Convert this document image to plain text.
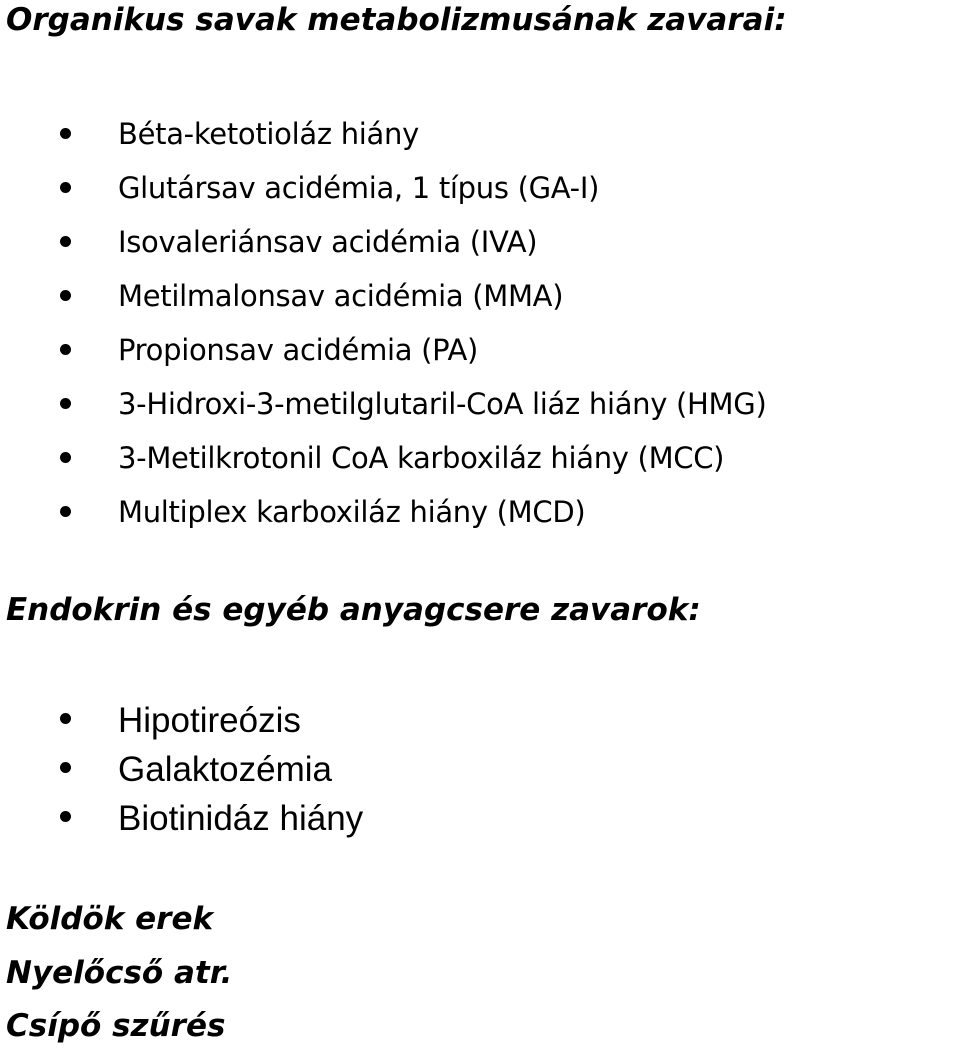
Organikus savak metabolizmusának zavarai:
Béta-ketotioláz hiány
Glutársav acidémia, 1 típus (GA-I)
Isovaleriánsav acidémia (IVA)
Metilmalonsav acidémia (MMA)
Propionsav acidémia (PA)
3-Hidroxi-3-metilglutaril-CoA liáz hiány (HMG)
3-Metilkrotonil CoA karboxiláz hiány (MCC)
Multiplex karboxiláz hiány (MCD)
Endokrin és egyéb anyagcsere zavarok:
Hipotireózis
Galaktozémia
Biotinidáz hiány

Köldök erek

Nyelőcső atr.

Csípő szűrés
